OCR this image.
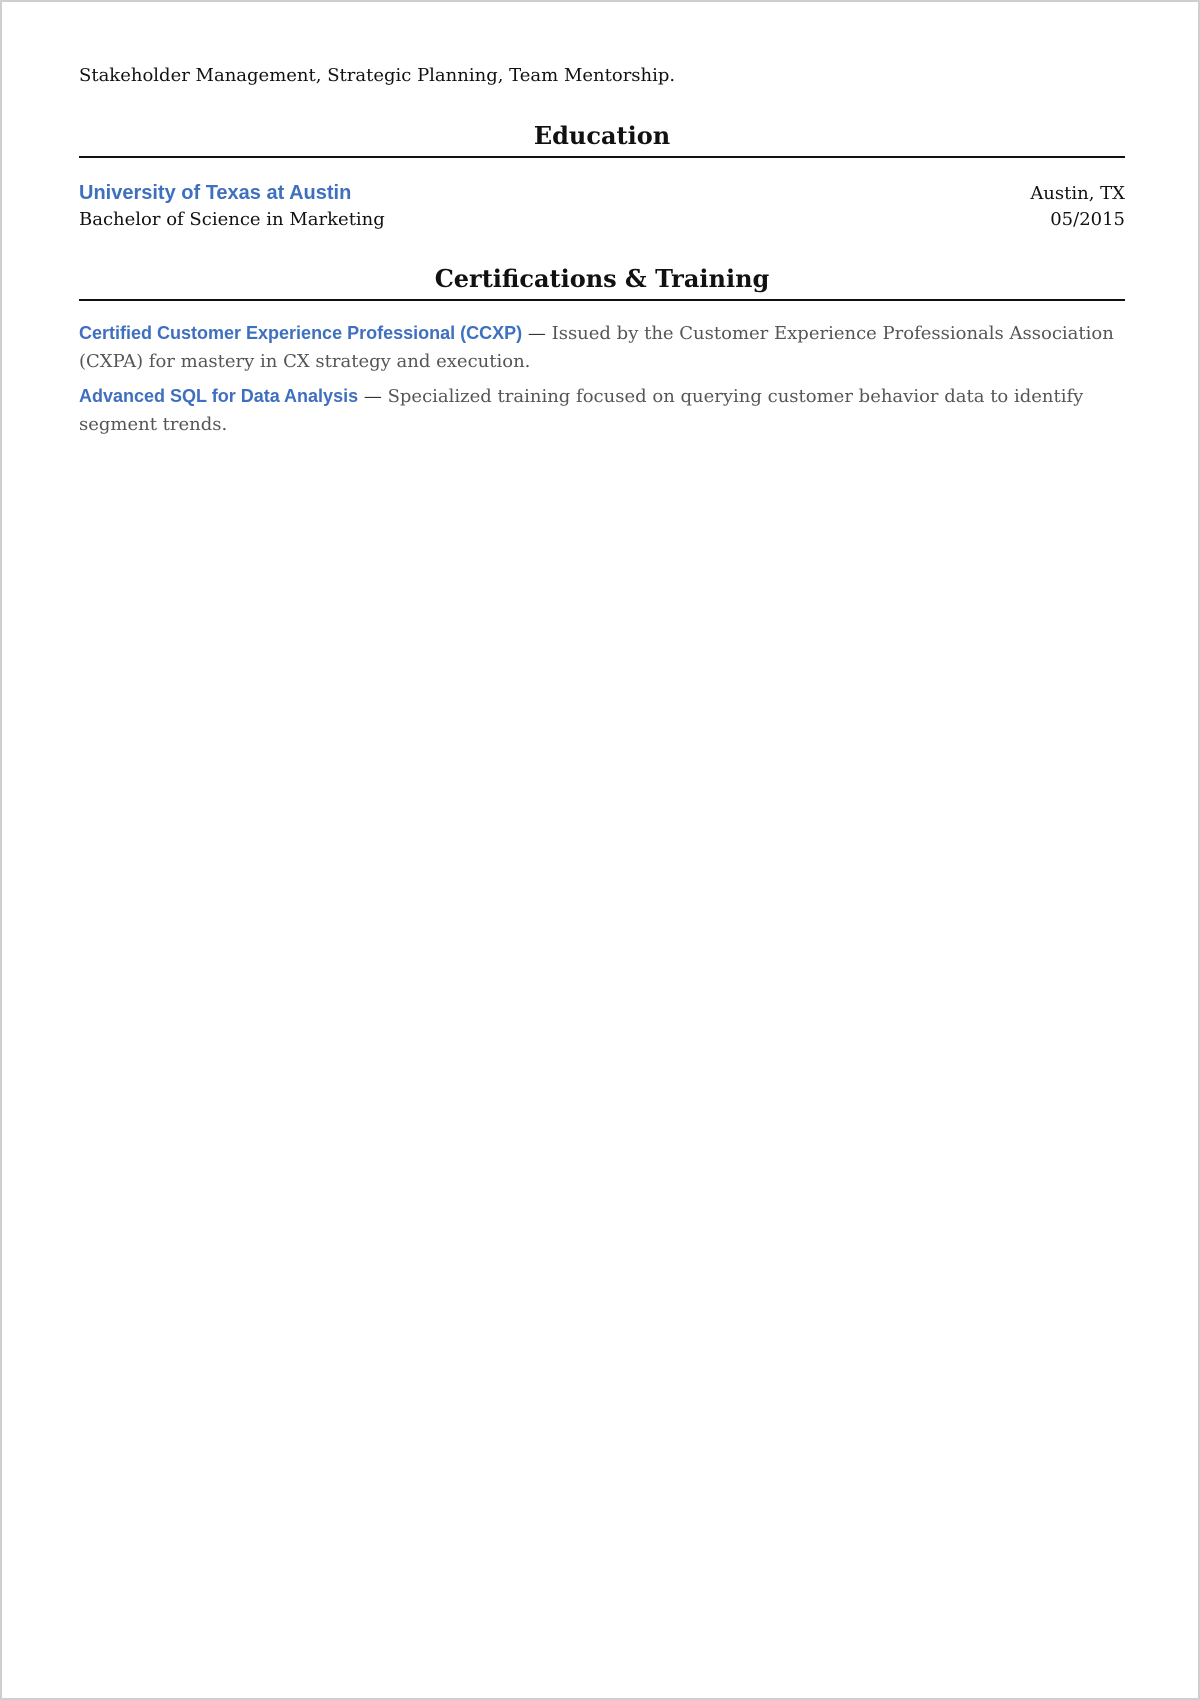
Stakeholder Management, Strategic Planning, Team Mentorship.

Education
University of Texas at Austin	Austin, TX
Bachelor of Science in Marketing	05/2015
Certifications & Training

Certified Customer Experience Professional (CCXP) — Issued by the Customer Experience Professionals Association (CXPA) for mastery in CX strategy and execution.

Advanced SQL for Data Analysis — Specialized training focused on querying customer behavior data to identify segment trends.
